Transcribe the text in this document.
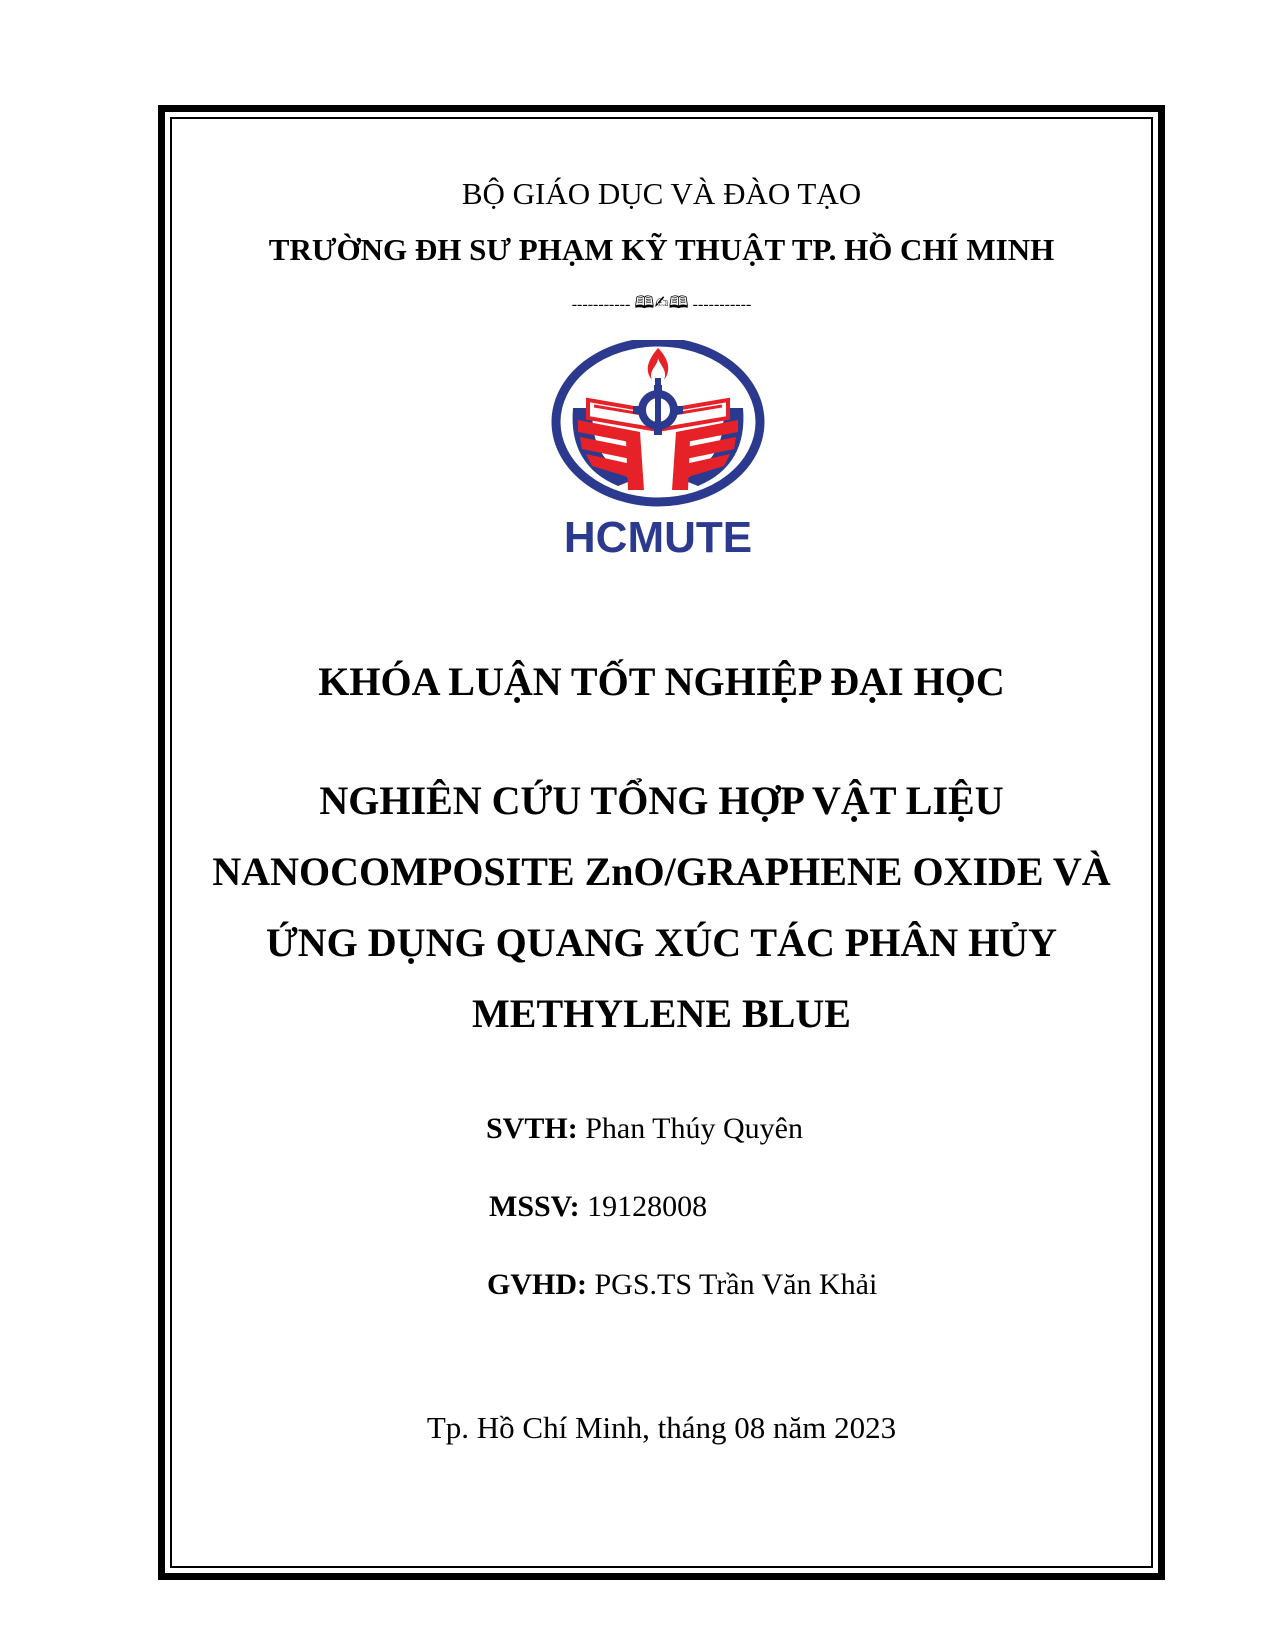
BỘ GIÁO DỤC VÀ ĐÀO TẠO
TRƯỜNG ĐH SƯ PHẠM KỸ THUẬT TP. HỒ CHÍ MINH
----------- 🕮✍🕮 -----------
HCMUTE
KHÓA LUẬN TỐT NGHIỆP ĐẠI HỌC
NGHIÊN CỨU TỔNG HỢP VẬT LIỆU
NANOCOMPOSITE ZnO/GRAPHENE OXIDE VÀ
ỨNG DỤNG QUANG XÚC TÁC PHÂN HỦY
METHYLENE BLUE
SVTH: Phan Thúy Quyên
MSSV: 19128008
GVHD: PGS.TS Trần Văn Khải
Tp. Hồ Chí Minh, tháng 08 năm 2023
